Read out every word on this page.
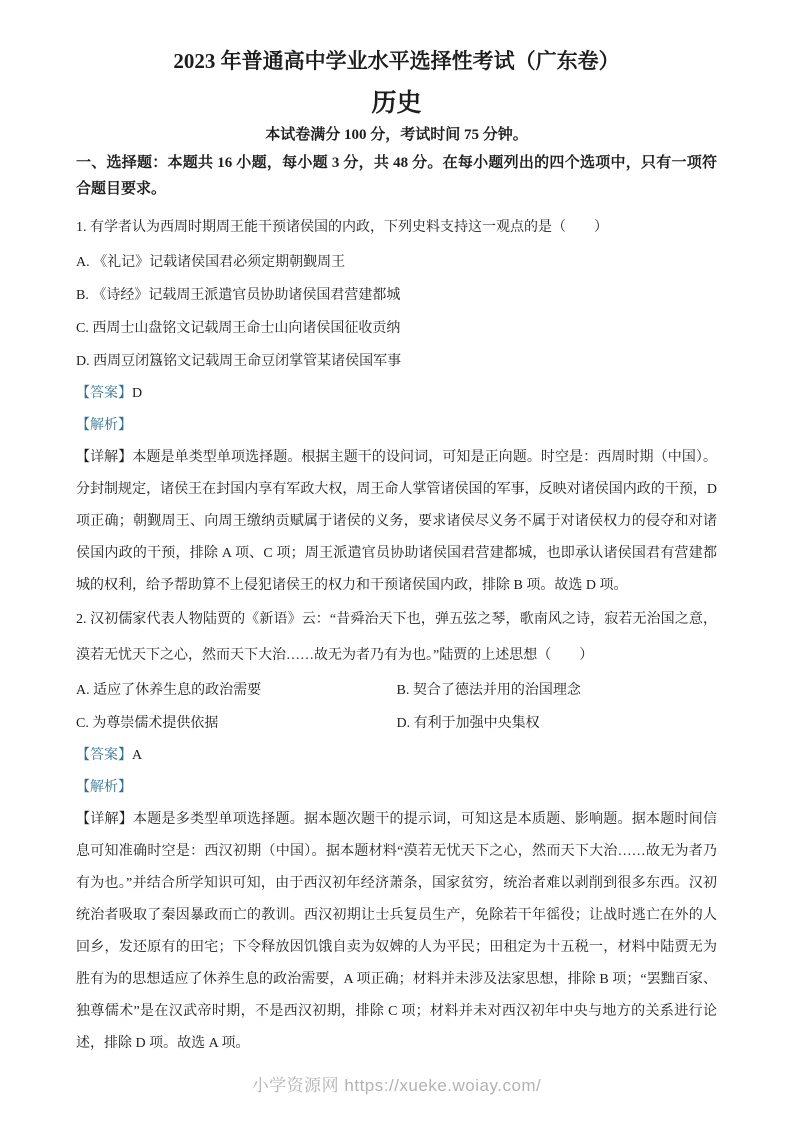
2023 年普通高中学业水平选择性考试（广东卷）
历史

本试卷满分 100 分，考试时间 75 分钟。

一、选择题：本题共 16 小题，每小题 3 分，共 48 分。在每小题列出的四个选项中，只有一项符合题目要求。

1. 有学者认为西周时期周王能干预诸侯国的内政，下列史料支持这一观点的是（　　）

A. 《礼记》记载诸侯国君必须定期朝觐周王

B. 《诗经》记载周王派遣官员协助诸侯国君营建都城

C. 西周士山盘铭文记载周王命士山向诸侯国征收贡纳

D. 西周豆闭簋铭文记载周王命豆闭掌管某诸侯国军事

【答案】D

【解析】

【详解】本题是单类型单项选择题。根据主题干的设问词，可知是正向题。时空是：西周时期（中国）。分封制规定，诸侯王在封国内享有军政大权，周王命人掌管诸侯国的军事，反映对诸侯国内政的干预，D 项正确；朝觐周王、向周王缴纳贡赋属于诸侯的义务，要求诸侯尽义务不属于对诸侯权力的侵夺和对诸侯国内政的干预，排除 A 项、C 项；周王派遣官员协助诸侯国君营建都城，也即承认诸侯国君有营建都城的权利，给予帮助算不上侵犯诸侯王的权力和干预诸侯国内政，排除 B 项。故选 D 项。

2. 汉初儒家代表人物陆贾的《新语》云：“昔舜治天下也，弹五弦之琴，歌南风之诗，寂若无治国之意，漠若无忧天下之心，然而天下大治……故无为者乃有为也。”陆贾的上述思想（　　）

A. 适应了休养生息的政治需要	B. 契合了德法并用的治国理念

C. 为尊崇儒术提供依据	D. 有利于加强中央集权

【答案】A

【解析】

【详解】本题是多类型单项选择题。据本题次题干的提示词，可知这是本质题、影响题。据本题时间信息可知准确时空是：西汉初期（中国）。据本题材料“漠若无忧天下之心，然而天下大治……故无为者乃有为也。”并结合所学知识可知，由于西汉初年经济萧条，国家贫穷，统治者难以剥削到很多东西。汉初统治者吸取了秦因暴政而亡的教训。西汉初期让士兵复员生产，免除若干年徭役；让战时逃亡在外的人回乡，发还原有的田宅；下令释放因饥饿自卖为奴婢的人为平民；田租定为十五税一，材料中陆贾无为胜有为的思想适应了休养生息的政治需要，A 项正确；材料并未涉及法家思想，排除 B 项；“罢黜百家、独尊儒术”是在汉武帝时期，不是西汉初期，排除 C 项；材料并未对西汉初年中央与地方的关系进行论述，排除 D 项。故选 A 项。

小学资源网 https://xueke.woiay.com/
